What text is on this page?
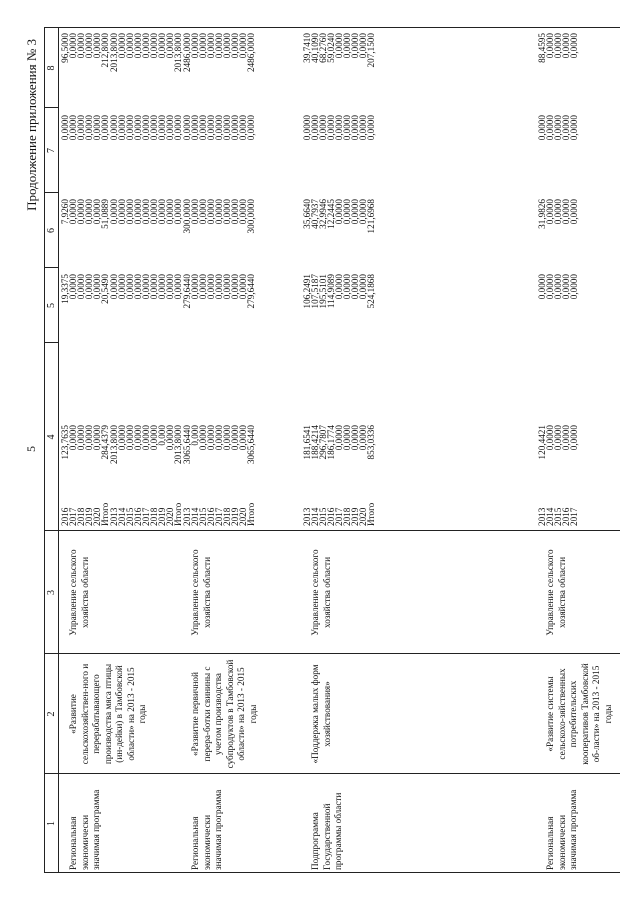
5
Продолжение приложения № 3
1
2
3
4
5
6
7
8
Региональная экономически значимая программа
«Развитие сельскохозяйствен-ного и перерабатывающего производства мяса птицы (ин-дейки) в Тамбовской области» на 2013 - 2015 годы
Управление сельского хозяйства области
2016
2017
2018
2019
2020
Итого
123,7635
0,0000
0,0000
0,0000
0,0000
284,4379
19,3375
0,0000
0,0000
0,0000
0,0000
20,5490
7,9260
0,0000
0,0000
0,0000
0,0000
51,0889
0,0000
0,0000
0,0000
0,0000
0,0000
0,0000
96,5000
0,0000
0,0000
0,0000
0,0000
212,8000
2013
2014
2015
2016
2017
2018
2019
2020
Итого
2013,8000
0,0000
0,0000
0,0000
0,0000
0,0000
0,000
0,0000
2013,8000
0,0000
0,0000
0,0000
0,0000
0,0000
0,0000
0,0000
0,0000
0,0000
0,0000
0,0000
0,0000
0,0000
0,0000
0,0000
0,0000
0,0000
0,0000
0,0000
0,0000
0,0000
0,0000
0,0000
0,0000
0,0000
0,0000
0,0000
2013,8000
0,0000
0,0000
0,0000
0,0000
0,0000
0,0000
0,0000
2013,8000
Региональная экономически значимая программа
«Развитие первичной перера-ботки свинины с учетом производства субпродуктов в Тамбовской области» на 2013 - 2015 годы
Управление сельского хозяйства области
2013
2014
2015
2016
2017
2018
2019
2020
Итого
3065,6440
0,000
0,0000
0,0000
0,0000
0,0000
0,0000
0,0000
3065,6440
279,6440
0,0000
0,0000
0,0000
0,0000
0,0000
0,0000
0,0000
279,6440
300,0000
0,0000
0,0000
0,0000
0,0000
0,0000
0,0000
0,0000
300,0000
0,0000
0,0000
0,0000
0,0000
0,0000
0,0000
0,0000
0,0000
0,0000
2486,0000
0,0000
0,0000
0,0000
0,0000
0,0000
0,0000
0,0000
2486,0000
Подпрограмма Государственной программы области
«Поддержка малых форм хозяйствования»
Управление сельского хозяйства области
2013
2014
2015
2016
2017
2018
2019
2020
Итого
181,6541
188,4214
296,7807
186,1774
0,0000
0,0000
0,0000
0,0000
853,0336
106,2491
107,5187
195,5101
114,9089
0,0000
0,0000
0,0000
0,0000
524,1868
35,6640
40,7937
32,9946
12,2445
0,0000
0,0000
0,0000
0,0000
121,6968
0,0000
0,0000
0,0000
0,0000
0,0000
0,0000
0,0000
0,0000
0,0000
39,7410
40,1090
68,2760
59,0240
0,0000
0,0000
0,0000
0,0000
207,1500
Региональная экономически значимая программа
«Развитие системы сельскохо-зяйственных потребительских кооперативов Тамбовской об-ласти» на 2013 - 2015 годы
Управление сельского хозяйства области
2013
2014
2015
2016
2017
120,4421
0,0000
0,0000
0,0000
0,0000
0,0000
0,0000
0,0000
0,0000
0,0000
31,9826
0,0000
0,0000
0,0000
0,0000
0,0000
0,0000
0,0000
0,0000
0,0000
88,4595
0,0000
0,0000
0,0000
0,0000
